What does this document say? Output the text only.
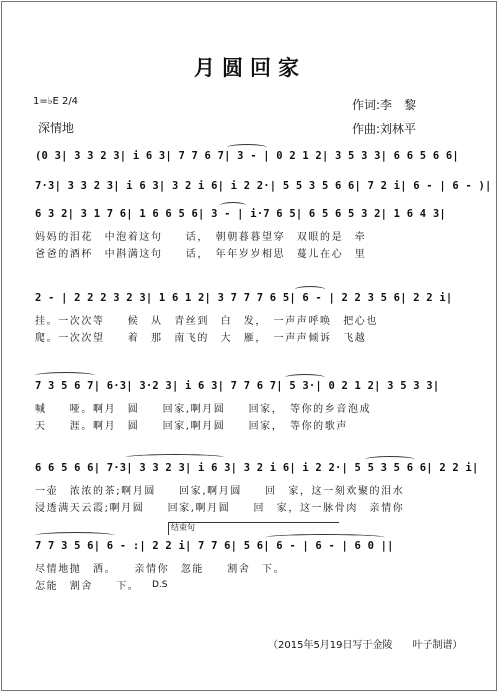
月圆回家
1=♭E 2/4
深情地
作词:李　黎
作曲:刘林平
(0 3| 3 3 2 3| i 6 3| 7 7 6 7| 3 - | 0 2 1 2| 3 5 3 3| 6 6 5 6 6|
7·3| 3 3 2 3| i 6 3| 3 2 i 6| i 2 2·| 5 5 3 5 6 6| 7 2 i| 6 - | 6 - )|
6 3 2| 3 1 7 6| 1 6 6 5 6| 3 - | i·7 6 5| 6 5 6 5 3 2| 1 6 4 3|
妈妈的泪花　中泡着这句　　话，　朝朝暮暮望穿　双眼的是　牵
爸爸的酒杯　中斟满这句　　话，　年年岁岁相思　蔓儿在心　里
2 - | 2 2 2 3 2 3| 1 6 1 2| 3 7 7 7 6 5| 6 - | 2 2 3 5 6| 2 2 i|
挂。一次次等　　候　从　青丝到　白　发，　一声声呼唤　把心也
爬。一次次望　　着　那　南飞的　大　雁，　一声声倾诉　飞越
7 3 5 6 7| 6·3| 3·2 3| i 6 3| 7 7 6 7| 5 3·| 0 2 1 2| 3 5 3 3|
喊　　哑。啊月　圆　　回家,啊月圆　　回家，　等你的乡音泡成
天　　涯。啊月　圆　　回家,啊月圆　　回家，　等你的歌声
6 6 5 6 6| 7·3| 3 3 2 3| i 6 3| 3 2 i 6| i 2 2·| 5 5 3 5 6 6| 2 2 i|
一壶　浓浓的茶;啊月圆　　回家,啊月圆　　回　家，这一刻欢聚的泪水
浸透满天云霞;啊月圆　　回家,啊月圆　　回　家，这一脉骨肉　亲情你
结束句
7 7 3 5 6| 6 - :| 2 2 i| 7 7 6| 5 6| 6 - | 6 - | 6 0 ||
尽情地抛　洒。　　亲情你　忽能　　割舍　下。
怎能　割舍　　下。 D.S
（2015年5月19日写于金陵　　叶子制谱）
